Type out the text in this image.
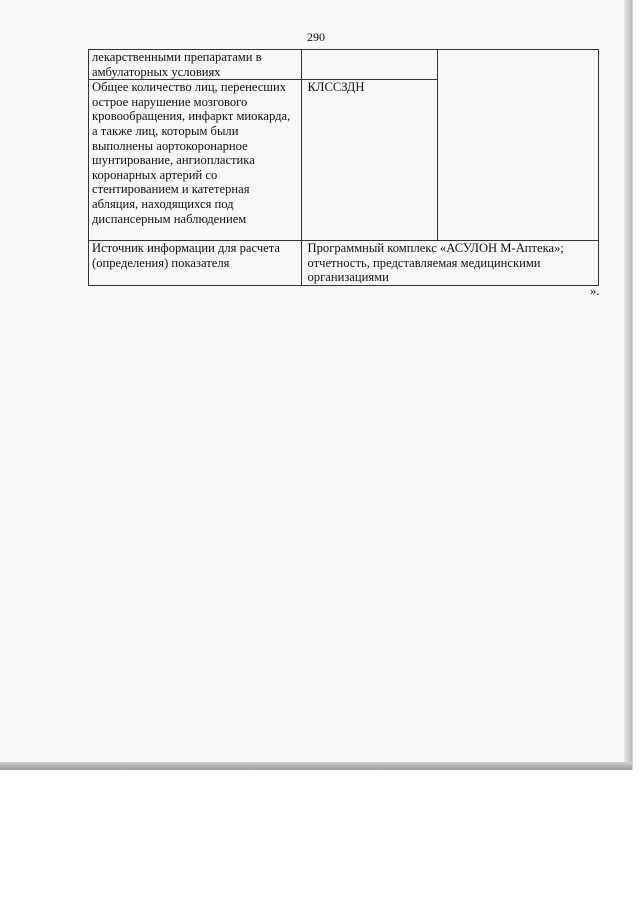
290
лекарственными препаратами в амбулаторных условиях		
Общее количество лиц, перенесших острое нарушение мозгового кровообращения, инфаркт миокарда, а также лиц, которым были выполнены аортокоронарное шунтирование, ангиопластика коронарных артерий со стентированием и катетерная абляция, находящихся под диспансерным наблюдением	КЛССЗДН	
Источник информации для расчета (определения) показателя	Программный комплекс «АСУЛОН М-Аптека»; отчетность, представляемая медицинскими организациями	
».
